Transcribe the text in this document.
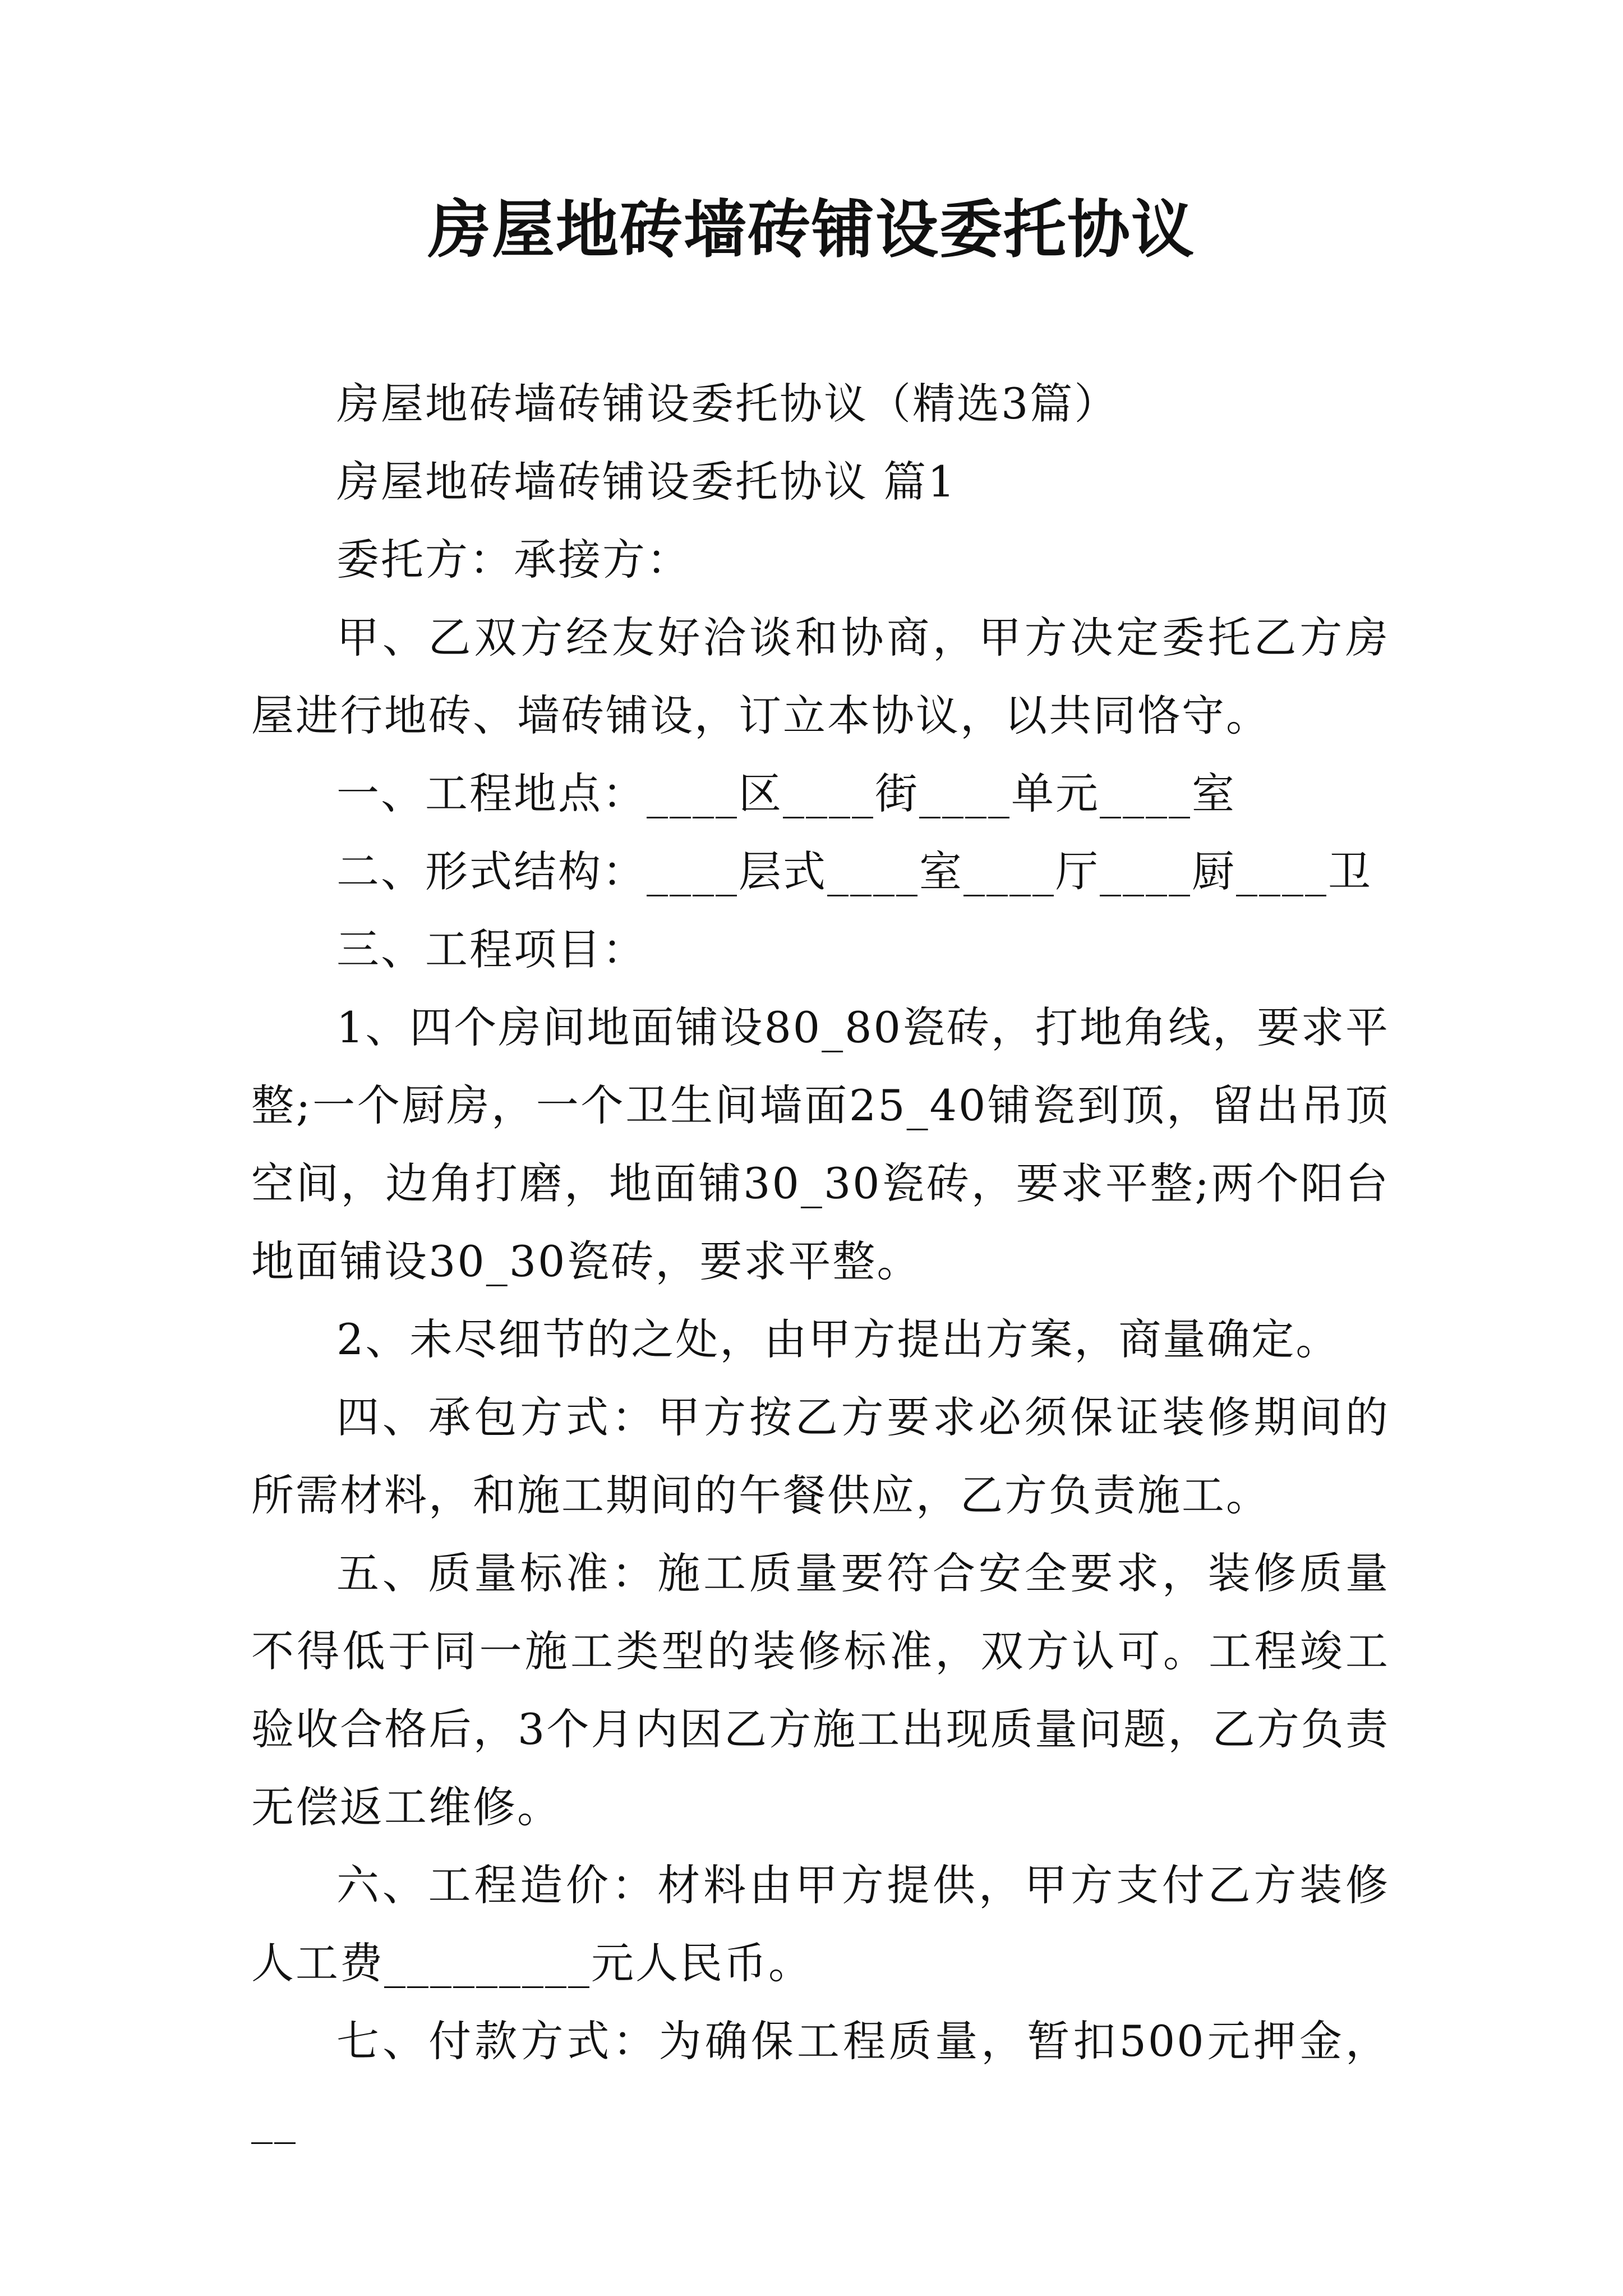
房屋地砖墙砖铺设委托协议

房屋地砖墙砖铺设委托协议（精选3篇）

房屋地砖墙砖铺设委托协议 篇1

委托方：承接方：

甲、乙双方经友好洽谈和协商，甲方决定委托乙方房屋进行地砖、墙砖铺设，订立本协议，以共同恪守。

一、工程地点：____区____街____单元____室

二、形式结构：____层式____室____厅____厨____卫

三、工程项目：

1、四个房间地面铺设80_80瓷砖，打地角线，要求平整;一个厨房，一个卫生间墙面25_40铺瓷到顶，留出吊顶空间，边角打磨，地面铺30_30瓷砖，要求平整;两个阳台地面铺设30_30瓷砖，要求平整。

2、未尽细节的之处，由甲方提出方案，商量确定。

四、承包方式：甲方按乙方要求必须保证装修期间的所需材料，和施工期间的午餐供应，乙方负责施工。

五、质量标准：施工质量要符合安全要求，装修质量不得低于同一施工类型的装修标准，双方认可。工程竣工验收合格后，3个月内因乙方施工出现质量问题，乙方负责无偿返工维修。

六、工程造价：材料由甲方提供，甲方支付乙方装修人工费_________元人民币。

七、付款方式：为确保工程质量，暂扣500元押金，__
